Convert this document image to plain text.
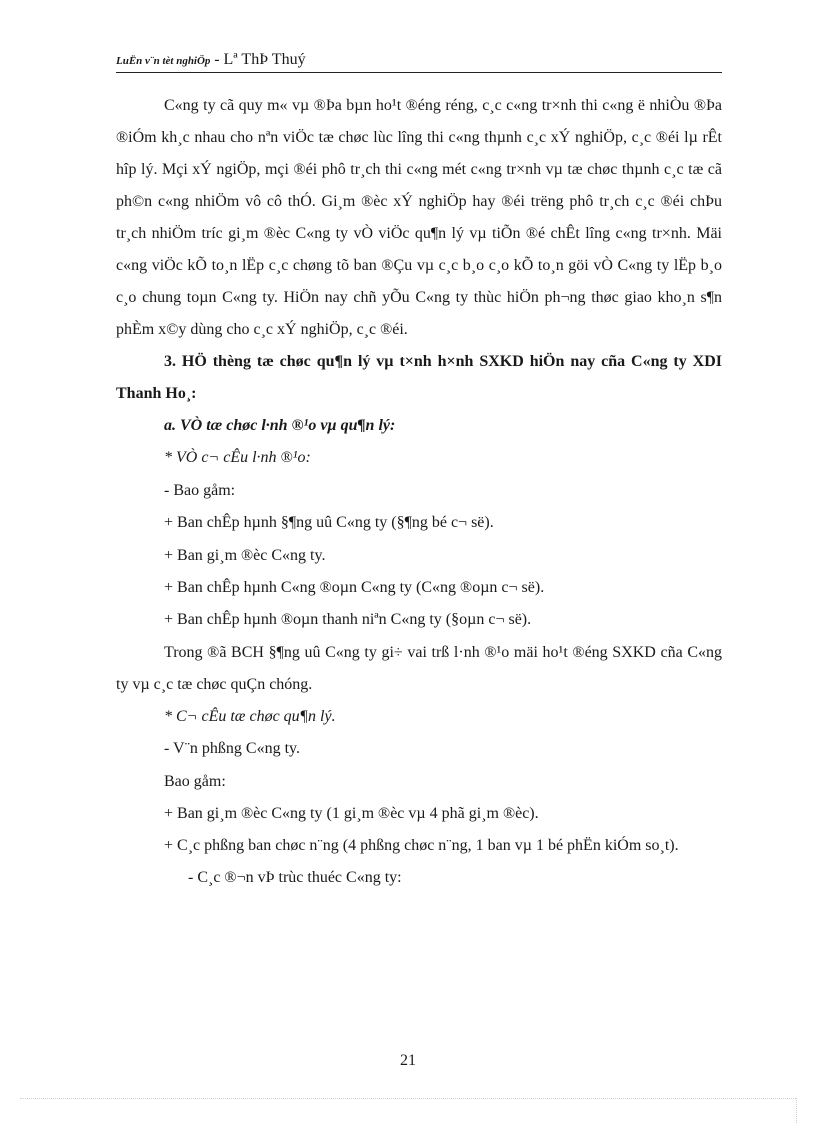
LuËn v¨n tèt nghiÖp - Lª ThÞ Thuý

C«ng ty cã quy m« vµ ®Þa bµn ho¹t ®éng réng, c¸c c«ng tr×nh thi c«ng ë nhiÒu ®Þa ®iÓm kh¸c nhau cho nªn viÖc tæ chøc lùc lîng thi c«ng thµnh c¸c xÝ nghiÖp, c¸c ®éi lµ rÊt hîp lý. Mçi xÝ ngiÖp, mçi ®éi phô tr¸ch thi c«ng mét c«ng tr×nh vµ tæ chøc thµnh c¸c tæ cã ph©n c«ng nhiÖm vô cô thÓ. Gi¸m ®èc xÝ nghiÖp hay ®éi trëng phô tr¸ch c¸c ®éi chÞu tr¸ch nhiÖm tríc gi¸m ®èc C«ng ty vÒ viÖc qu¶n lý vµ tiÕn ®é chÊt lîng c«ng tr×nh. Mäi c«ng viÖc kÕ to¸n lËp c¸c chøng tõ ban ®Çu vµ c¸c b¸o c¸o kÕ to¸n göi vÒ C«ng ty lËp b¸o c¸o chung toµn C«ng ty. HiÖn nay chñ yÕu C«ng ty thùc hiÖn ph¬ng thøc giao kho¸n s¶n phÈm x©y dùng cho c¸c xÝ nghiÖp, c¸c ®éi.

3. HÖ thèng tæ chøc qu¶n lý vµ t×nh h×nh SXKD hiÖn nay cña C«ng ty XDI Thanh Ho¸:

a. VÒ tæ chøc l·nh ®¹o vµ qu¶n lý:

* VÒ c¬ cÊu l·nh ®¹o:

- Bao gåm:

+ Ban chÊp hµnh §¶ng uû C«ng ty (§¶ng bé c¬ së).

+ Ban gi¸m ®èc C«ng ty.

+ Ban chÊp hµnh C«ng ®oµn C«ng ty (C«ng ®oµn c¬ së).

+ Ban chÊp hµnh ®oµn thanh niªn C«ng ty (§oµn c¬ së).

Trong ®ã BCH §¶ng uû C«ng ty gi÷ vai trß l·nh ®¹o mäi ho¹t ®éng SXKD cña C«ng ty vµ c¸c tæ chøc quÇn chóng.

* C¬ cÊu tæ chøc qu¶n lý.

- V¨n phßng C«ng ty.

Bao gåm:

+ Ban gi¸m ®èc C«ng ty (1 gi¸m ®èc vµ 4 phã gi¸m ®èc).

+ C¸c phßng ban chøc n¨ng (4 phßng chøc n¨ng, 1 ban vµ 1 bé phËn kiÓm so¸t).

- C¸c ®¬n vÞ trùc thuéc C«ng ty:

21
